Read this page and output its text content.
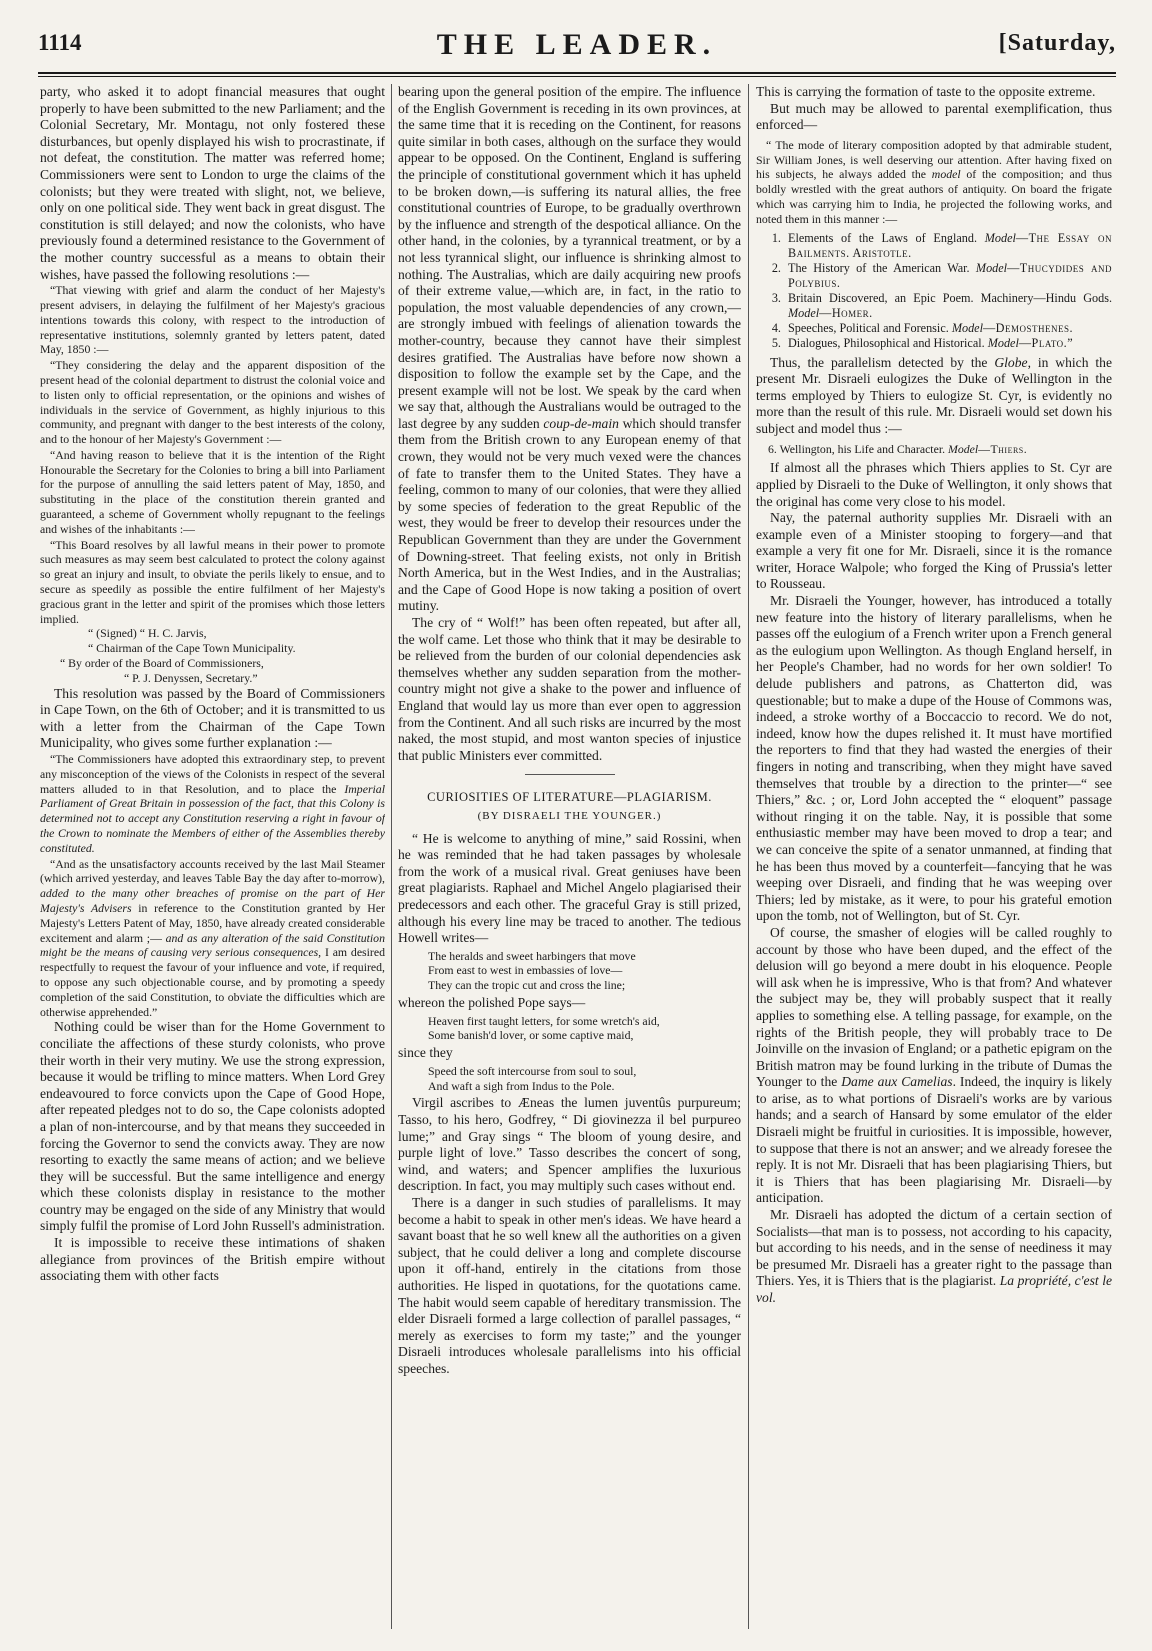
1114	THE LEADER.	[Saturday,

party, who asked it to adopt financial measures that ought properly to have been submitted to the new Parliament; and the Colonial Secretary, Mr. Montagu, not only fostered these disturbances, but openly displayed his wish to procrastinate, if not defeat, the constitution. The matter was referred home; Commissioners were sent to London to urge the claims of the colonists; but they were treated with slight, not, we believe, only on one political side. They went back in great disgust. The constitution is still delayed; and now the colonists, who have previously found a determined resistance to the Government of the mother country successful as a means to obtain their wishes, have passed the following resolutions :—

“That viewing with grief and alarm the conduct of her Majesty's present advisers, in delaying the fulfilment of her Majesty's gracious intentions towards this colony, with respect to the introduction of representative institutions, solemnly granted by letters patent, dated May, 1850 :—

“They considering the delay and the apparent disposition of the present head of the colonial department to distrust the colonial voice and to listen only to official representation, or the opinions and wishes of individuals in the service of Government, as highly injurious to this community, and pregnant with danger to the best interests of the colony, and to the honour of her Majesty's Government :—

“And having reason to believe that it is the intention of the Right Honourable the Secretary for the Colonies to bring a bill into Parliament for the purpose of annulling the said letters patent of May, 1850, and substituting in the place of the constitution therein granted and guaranteed, a scheme of Government wholly repugnant to the feelings and wishes of the inhabitants :—

“This Board resolves by all lawful means in their power to promote such measures as may seem best calculated to protect the colony against so great an injury and insult, to obviate the perils likely to ensue, and to secure as speedily as possible the entire fulfilment of her Majesty's gracious grant in the letter and spirit of the promises which those letters implied.

“ (Signed) “ H. C. Jarvis,
“ Chairman of the Cape Town Municipality.
“ By order of the Board of Commissioners,
“ P. J. Denyssen, Secretary.”

This resolution was passed by the Board of Commissioners in Cape Town, on the 6th of October; and it is transmitted to us with a letter from the Chairman of the Cape Town Municipality, who gives some further explanation :—

“The Commissioners have adopted this extraordinary step, to prevent any misconception of the views of the Colonists in respect of the several matters alluded to in that Resolution, and to place the Imperial Parliament of Great Britain in possession of the fact, that this Colony is determined not to accept any Constitution reserving a right in favour of the Crown to nominate the Members of either of the Assemblies thereby constituted.

“And as the unsatisfactory accounts received by the last Mail Steamer (which arrived yesterday, and leaves Table Bay the day after to-morrow), added to the many other breaches of promise on the part of Her Majesty's Advisers in reference to the Constitution granted by Her Majesty's Letters Patent of May, 1850, have already created considerable excitement and alarm ;— and as any alteration of the said Constitution might be the means of causing very serious consequences, I am desired respectfully to request the favour of your influence and vote, if required, to oppose any such objectionable course, and by promoting a speedy completion of the said Constitution, to obviate the difficulties which are otherwise apprehended.”

Nothing could be wiser than for the Home Government to conciliate the affections of these sturdy colonists, who prove their worth in their very mutiny. We use the strong expression, because it would be trifling to mince matters. When Lord Grey endeavoured to force convicts upon the Cape of Good Hope, after repeated pledges not to do so, the Cape colonists adopted a plan of non-intercourse, and by that means they succeeded in forcing the Governor to send the convicts away. They are now resorting to exactly the same means of action; and we believe they will be successful. But the same intelligence and energy which these colonists display in resistance to the mother country may be engaged on the side of any Ministry that would simply fulfil the promise of Lord John Russell's administration.

It is impossible to receive these intimations of shaken allegiance from provinces of the British empire without associating them with other facts

bearing upon the general position of the empire. The influence of the English Government is receding in its own provinces, at the same time that it is receding on the Continent, for reasons quite similar in both cases, although on the surface they would appear to be opposed. On the Continent, England is suffering the principle of constitutional government which it has upheld to be broken down,—is suffering its natural allies, the free constitutional countries of Europe, to be gradually overthrown by the influence and strength of the despotical alliance. On the other hand, in the colonies, by a tyrannical treatment, or by a not less tyrannical slight, our influence is shrinking almost to nothing. The Australias, which are daily acquiring new proofs of their extreme value,—which are, in fact, in the ratio to population, the most valuable dependencies of any crown,—are strongly imbued with feelings of alienation towards the mother-country, because they cannot have their simplest desires gratified. The Australias have before now shown a disposition to follow the example set by the Cape, and the present example will not be lost. We speak by the card when we say that, although the Australians would be outraged to the last degree by any sudden coup-de-main which should transfer them from the British crown to any European enemy of that crown, they would not be very much vexed were the chances of fate to transfer them to the United States. They have a feeling, common to many of our colonies, that were they allied by some species of federation to the great Republic of the west, they would be freer to develop their resources under the Republican Government than they are under the Government of Downing-street. That feeling exists, not only in British North America, but in the West Indies, and in the Australias; and the Cape of Good Hope is now taking a position of overt mutiny.

The cry of “ Wolf!” has been often repeated, but after all, the wolf came. Let those who think that it may be desirable to be relieved from the burden of our colonial dependencies ask themselves whether any sudden separation from the mother-country might not give a shake to the power and influence of England that would lay us more than ever open to aggression from the Continent. And all such risks are incurred by the most naked, the most stupid, and most wanton species of injustice that public Ministers ever committed.

CURIOSITIES OF LITERATURE—PLAGIARISM.
(BY DISRAELI THE YOUNGER.)

“ He is welcome to anything of mine,” said Rossini, when he was reminded that he had taken passages by wholesale from the work of a musical rival. Great geniuses have been great plagiarists. Raphael and Michel Angelo plagiarised their predecessors and each other. The graceful Gray is still prized, although his every line may be traced to another. The tedious Howell writes—

The heralds and sweet harbingers that move
From east to west in embassies of love—
They can the tropic cut and cross the line;

whereon the polished Pope says—

Heaven first taught letters, for some wretch's aid,
Some banish'd lover, or some captive maid,

since they

Speed the soft intercourse from soul to soul,
And waft a sigh from Indus to the Pole.

Virgil ascribes to Æneas the lumen juventûs purpureum; Tasso, to his hero, Godfrey, “ Di giovinezza il bel purpureo lume;” and Gray sings “ The bloom of young desire, and purple light of love.” Tasso describes the concert of song, wind, and waters; and Spencer amplifies the luxurious description. In fact, you may multiply such cases without end.

There is a danger in such studies of parallelisms. It may become a habit to speak in other men's ideas. We have heard a savant boast that he so well knew all the authorities on a given subject, that he could deliver a long and complete discourse upon it off-hand, entirely in the citations from those authorities. He lisped in quotations, for the quotations came. The habit would seem capable of hereditary transmission. The elder Disraeli formed a large collection of parallel passages, “ merely as exercises to form my taste;” and the younger Disraeli introduces wholesale parallelisms into his official speeches.

This is carrying the formation of taste to the opposite extreme.

But much may be allowed to parental exemplification, thus enforced—

“ The mode of literary composition adopted by that admirable student, Sir William Jones, is well deserving our attention. After having fixed on his subjects, he always added the model of the composition; and thus boldly wrestled with the great authors of antiquity. On board the frigate which was carrying him to India, he projected the following works, and noted them in this manner :—

1. Elements of the Laws of England. Model—The Essay on Bailments. Aristotle.
2. The History of the American War. Model—Thucydides and Polybius.
3. Britain Discovered, an Epic Poem. Machinery—Hindu Gods. Model—Homer.
4. Speeches, Political and Forensic. Model—Demosthenes.
5. Dialogues, Philosophical and Historical. Model—Plato.”

Thus, the parallelism detected by the Globe, in which the present Mr. Disraeli eulogizes the Duke of Wellington in the terms employed by Thiers to eulogize St. Cyr, is evidently no more than the result of this rule. Mr. Disraeli would set down his subject and model thus :—

6. Wellington, his Life and Character. Model—Thiers.

If almost all the phrases which Thiers applies to St. Cyr are applied by Disraeli to the Duke of Wellington, it only shows that the original has come very close to his model.

Nay, the paternal authority supplies Mr. Disraeli with an example even of a Minister stooping to forgery—and that example a very fit one for Mr. Disraeli, since it is the romance writer, Horace Walpole; who forged the King of Prussia's letter to Rousseau.

Mr. Disraeli the Younger, however, has introduced a totally new feature into the history of literary parallelisms, when he passes off the eulogium of a French writer upon a French general as the eulogium upon Wellington. As though England herself, in her People's Chamber, had no words for her own soldier! To delude publishers and patrons, as Chatterton did, was questionable; but to make a dupe of the House of Commons was, indeed, a stroke worthy of a Boccaccio to record. We do not, indeed, know how the dupes relished it. It must have mortified the reporters to find that they had wasted the energies of their fingers in noting and transcribing, when they might have saved themselves that trouble by a direction to the printer—“ see Thiers,” &c. ; or, Lord John accepted the “ eloquent” passage without ringing it on the table. Nay, it is possible that some enthusiastic member may have been moved to drop a tear; and we can conceive the spite of a senator unmanned, at finding that he has been thus moved by a counterfeit—fancying that he was weeping over Disraeli, and finding that he was weeping over Thiers; led by mistake, as it were, to pour his grateful emotion upon the tomb, not of Wellington, but of St. Cyr.

Of course, the smasher of elogies will be called roughly to account by those who have been duped, and the effect of the delusion will go beyond a mere doubt in his eloquence. People will ask when he is impressive, Who is that from? And whatever the subject may be, they will probably suspect that it really applies to something else. A telling passage, for example, on the rights of the British people, they will probably trace to De Joinville on the invasion of England; or a pathetic epigram on the British matron may be found lurking in the tribute of Dumas the Younger to the Dame aux Camelias. Indeed, the inquiry is likely to arise, as to what portions of Disraeli's works are by various hands; and a search of Hansard by some emulator of the elder Disraeli might be fruitful in curiosities. It is impossible, however, to suppose that there is not an answer; and we already foresee the reply. It is not Mr. Disraeli that has been plagiarising Thiers, but it is Thiers that has been plagiarising Mr. Disraeli—by anticipation.

Mr. Disraeli has adopted the dictum of a certain section of Socialists—that man is to possess, not according to his capacity, but according to his needs, and in the sense of neediness it may be presumed Mr. Disraeli has a greater right to the passage than Thiers. Yes, it is Thiers that is the plagiarist. La propriété, c'est le vol.
